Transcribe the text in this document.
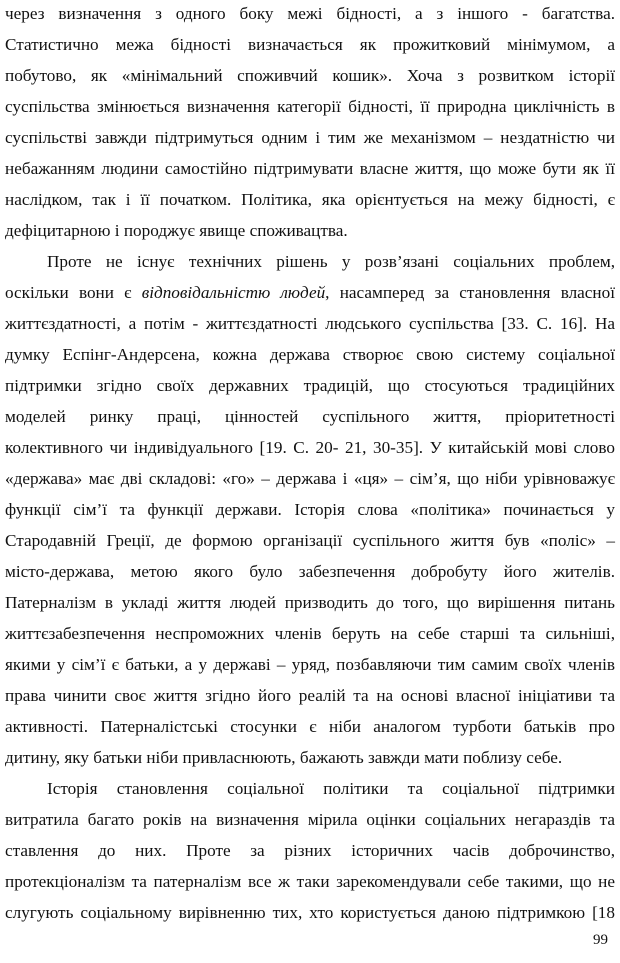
через визначення з одного боку межі бідності, а з іншого - багатства.
Статистично межа бідності визначається як прожитковий мінімумом, а
побутово, як «мінімальний споживчий кошик». Хоча з розвитком історії
суспільства змінюється визначення категорії бідності, її природна циклічність в
суспільстві завжди підтримуться одним і тим же механізмом – нездатністю чи
небажанням людини самостійно підтримувати власне життя, що може бути як її
наслідком, так і її початком. Політика, яка орієнтується на межу бідності, є
дефіцитарною і породжує явище споживацтва.
Проте не існує технічних рішень у розв’язані соціальних проблем,
оскільки вони є відповідальністю людей, насамперед за становлення власної
життєздатності, а потім - життєздатності людського суспільства [33. С. 16]. На
думку Еспінг-Андерсена, кожна держава створює свою систему соціальної
підтримки згідно своїх державних традицій, що стосуються традиційних
моделей ринку праці, цінностей суспільного життя, пріоритетності
колективного чи індивідуального [19. С. 20- 21, 30-35]. У китайській мові слово
«держава» має дві складові: «го» – держава і «ця» – сім’я, що ніби урівноважує
функції сім’ї та функції держави. Історія слова «політика» починається у
Стародавній Греції, де формою організації суспільного життя був «поліс» –
місто-держава, метою якого було забезпечення добробуту його жителів.
Патерналізм в укладі життя людей призводить до того, що вирішення питань
життєзабезпечення неспроможних членів беруть на себе старші та сильніші,
якими у сім’ї є батьки, а у державі – уряд, позбавляючи тим самим своїх членів
права чинити своє життя згідно його реалій та на основі власної ініціативи та
активності. Патерналістські стосунки є ніби аналогом турботи батьків про
дитину, яку батьки ніби привласнюють, бажають завжди мати поблизу себе.
Історія становлення соціальної політики та соціальної підтримки
витратила багато років на визначення мірила оцінки соціальних негараздів та
ставлення до них. Проте за різних історичних часів доброчинство,
протекціоналізм та патерналізм все ж таки зарекомендували себе такими, що не
слугують соціальному вирівненню тих, хто користується даною підтримкою [18
99
